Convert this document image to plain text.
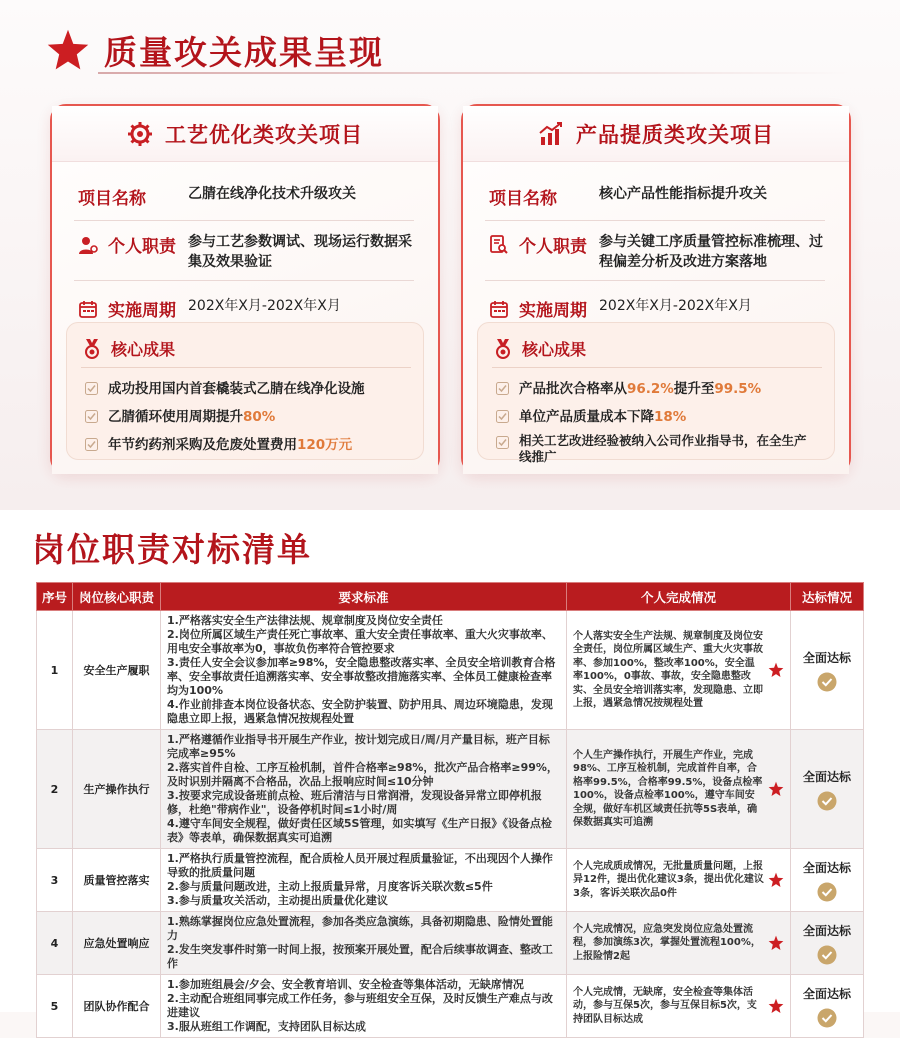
质量攻关成果呈现
工艺优化类攻关项目
项目名称	乙腈在线净化技术升级攻关
个人职责 参与工艺参数调试、现场运行数据采集及效果验证
实施周期 202X年X月-202X年X月
核心成果
成功投用国内首套橇装式乙腈在线净化设施
乙腈循环使用周期提升80%
年节约药剂采购及危废处置费用120万元
产品提质类攻关项目
项目名称	核心产品性能指标提升攻关
个人职责 参与关键工序质量管控标准梳理、过程偏差分析及改进方案落地
实施周期 202X年X月-202X年X月
核心成果
产品批次合格率从96.2%提升至99.5%
单位产品质量成本下降18%
相关工艺改进经验被纳入公司作业指导书，在全生产线推广
岗位职责对标清单
序号	岗位核心职责	要求标准	个人完成情况	达标情况
1	安全生产履职	1.严格落实安全生产法律法规、规章制度及岗位安全责任
2.岗位所属区域生产责任死亡事故率、重大安全责任事故率、重大火灾事故率、用电安全事故率为0，事故负伤率符合管控要求
3.责任人安全会议参加率≥98%，安全隐患整改落实率、全员安全培训教育合格率、安全事故责任追溯落实率、安全事故整改措施落实率、全体员工健康检查率均为100%
4.作业前排查本岗位设备状态、安全防护装置、防护用具、周边环境隐患，发现隐患立即上报，遇紧急情况按规程处置	个人落实安全生产法规、规章制度及岗位安全责任，岗位所属区域生产、重大火灾事故率、参加100%，整改率100%，安全温率100%，0事故、事故，安全隐患整改实、全员安全培训落实率，发现隐患、立即上报，遇紧急情况按规程处置	全面达标

2	生产操作执行	1.严格遵循作业指导书开展生产作业，按计划完成日/周/月产量目标，班产目标完成率≥95%
2.落实首件自检、工序互检机制，首件合格率≥98%，批次产品合格率≥99%，及时识别并隔离不合格品，次品上报响应时间≤10分钟
3.按要求完成设备班前点检、班后清洁与日常润滑，发现设备异常立即停机报修，杜绝"带病作业"，设备停机时间≤1小时/周
4.遵守车间安全规程，做好责任区域5S管理，如实填写《生产日报》《设备点检表》等表单，确保数据真实可追溯	个人生产操作执行，开展生产作业，完成98%、工序互检机制，完成首件自率，合格率99.5%，合格率99.5%，设备点检率100%，设备点检率100%，遵守车间安全规，做好车机区域责任抗等5S表单，确保数据真实可追溯	全面达标

3	质量管控落实	1.严格执行质量管控流程，配合质检人员开展过程质量验证，不出现因个人操作导致的批质量问题
2.参与质量问题改进，主动上报质量异常，月度客诉关联次数≤5件
3.参与质量攻关活动，主动提出质量优化建议	个人完成质成情况，无批量质量问题，上报异12件，提出优化建议3条，提出优化建议3条，客诉关联次品0件	全面达标

4	应急处置响应	1.熟练掌握岗位应急处置流程，参加各类应急演练，具备初期隐患、险情处置能力
2.发生突发事件时第一时间上报，按预案开展处置，配合后续事故调查、整改工作	个人完成情况，应急突发岗位应急处置流程，参加演练3次，掌握处置流程100%，上报险情2起	全面达标

5	团队协作配合	1.参加班组晨会/夕会、安全教育培训、安全检查等集体活动，无缺席情况
2.主动配合班组同事完成工作任务，参与班组安全互保，及时反馈生产难点与改进建议
3.服从班组工作调配，支持团队目标达成	个人完成情，无缺席，安全检查等集体活动，参与互保5次，参与互保目标5次，支持团队目标达成	全面达标
